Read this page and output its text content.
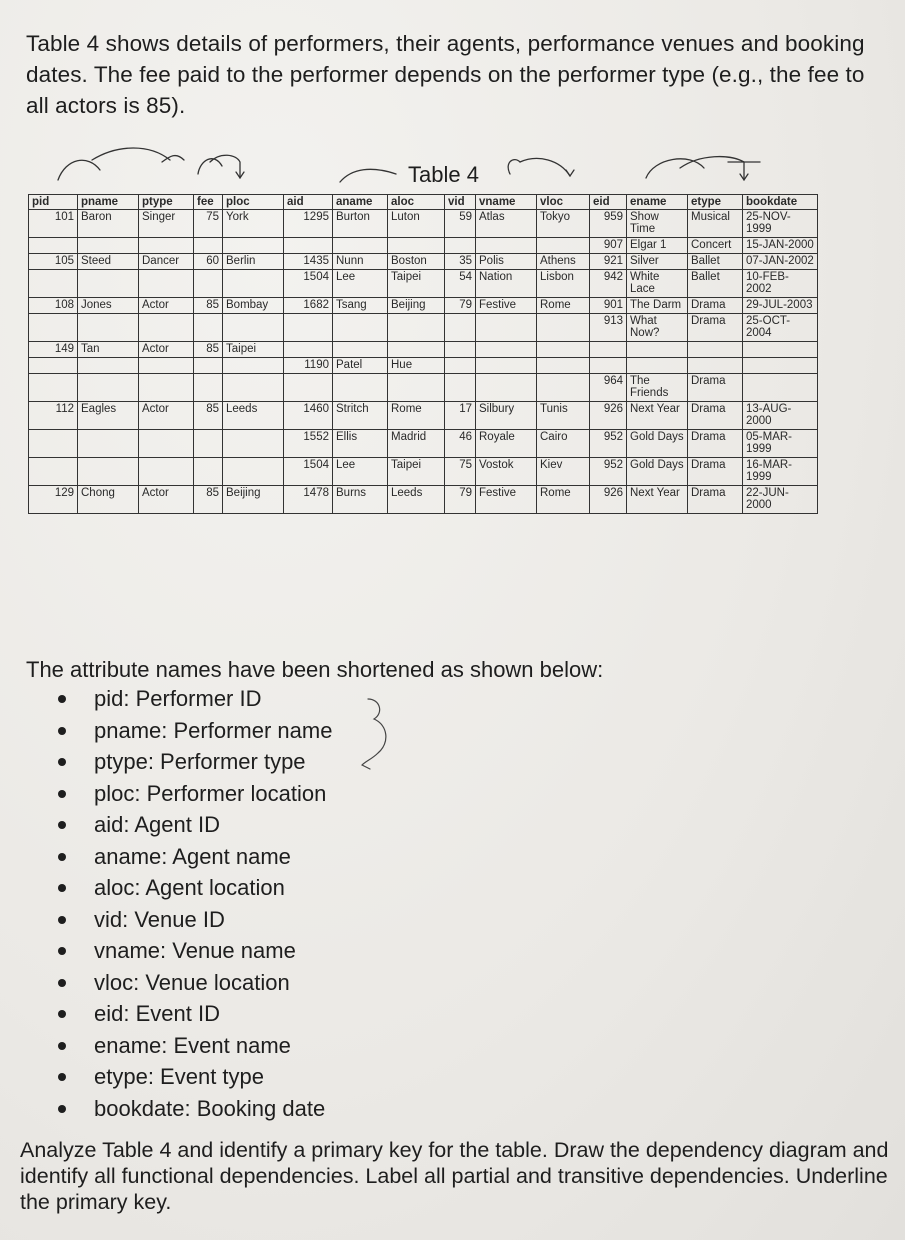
Table 4 shows details of performers, their agents, performance venues and booking dates. The fee paid to the performer depends on the performer type (e.g., the fee to all actors is 85).
Table 4
pid	pname	ptype	fee	ploc	aid	aname	aloc	vid	vname	vloc	eid	ename	etype	bookdate
101	Baron	Singer	75	York	1295	Burton	Luton	59	Atlas	Tokyo	959	Show Time	Musical	25-NOV-1999
											907	Elgar 1	Concert	15-JAN-2000
105	Steed	Dancer	60	Berlin	1435	Nunn	Boston	35	Polis	Athens	921	Silver	Ballet	07-JAN-2002
					1504	Lee	Taipei	54	Nation	Lisbon	942	White Lace	Ballet	10-FEB-2002
108	Jones	Actor	85	Bombay	1682	Tsang	Beijing	79	Festive	Rome	901	The Darm	Drama	29-JUL-2003
											913	What Now?	Drama	25-OCT-2004
149	Tan	Actor	85	Taipei										
					1190	Patel	Hue							
											964	The Friends	Drama	
112	Eagles	Actor	85	Leeds	1460	Stritch	Rome	17	Silbury	Tunis	926	Next Year	Drama	13-AUG-2000
					1552	Ellis	Madrid	46	Royale	Cairo	952	Gold Days	Drama	05-MAR-1999
					1504	Lee	Taipei	75	Vostok	Kiev	952	Gold Days	Drama	16-MAR-1999
129	Chong	Actor	85	Beijing	1478	Burns	Leeds	79	Festive	Rome	926	Next Year	Drama	22-JUN-2000
The attribute names have been shortened as shown below:
pid: Performer ID
pname: Performer name
ptype: Performer type
ploc: Performer location
aid: Agent ID
aname: Agent name
aloc: Agent location
vid: Venue ID
vname: Venue name
vloc: Venue location
eid: Event ID
ename: Event name
etype: Event type
bookdate: Booking date
Analyze Table 4 and identify a primary key for the table. Draw the dependency diagram and identify all functional dependencies. Label all partial and transitive dependencies. Underline the primary key.
